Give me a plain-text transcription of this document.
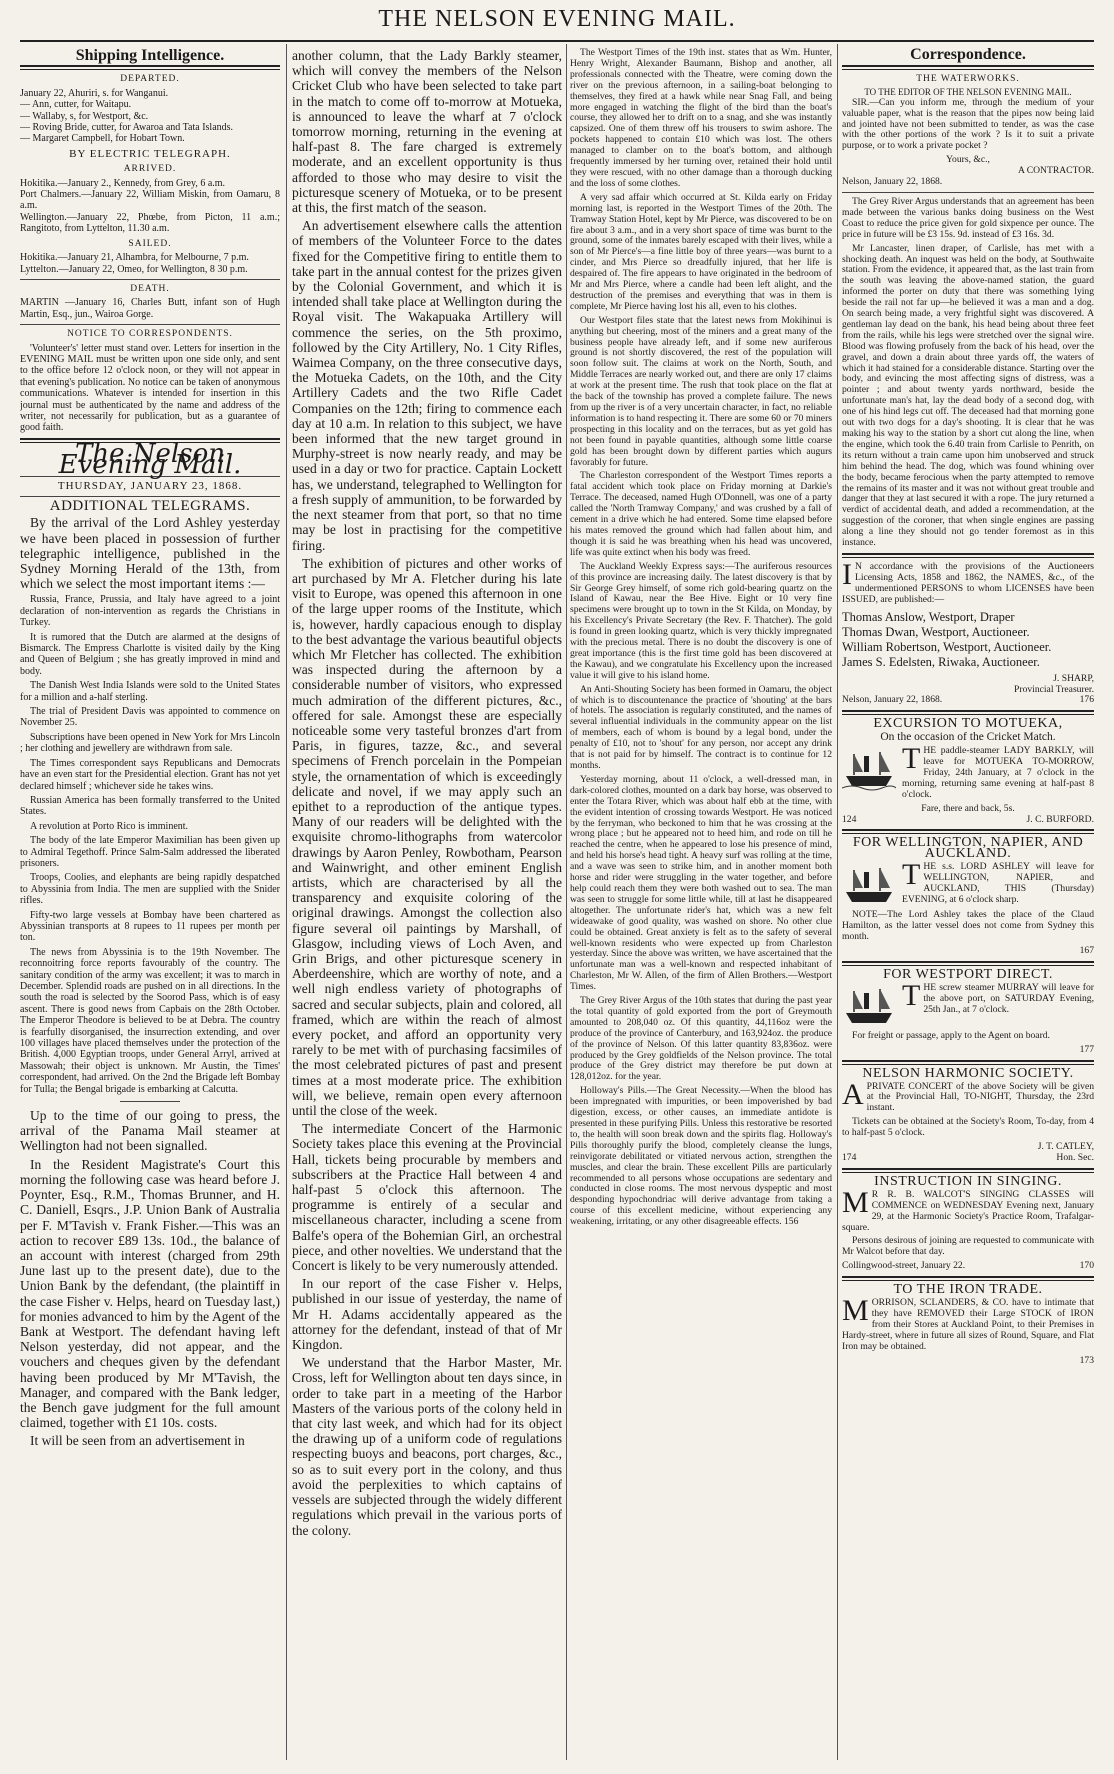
THE NELSON EVENING MAIL.
Shipping Intelligence.
DEPARTED.

January 22, Ahuriri, s. for Wanganui.

— Ann, cutter, for Waitapu.

— Wallaby, s, for Westport, &c.

— Roving Bride, cutter, for Awaroa and Tata Islands.

— Margaret Campbell, for Hobart Town.

BY ELECTRIC TELEGRAPH.
ARRIVED.

Hokitika.—January 2., Kennedy, from Grey, 6 a.m.

Port Chalmers.—January 22, William Miskin, from Oamaru, 8 a.m.

Wellington.—January 22, Phœbe, from Picton, 11 a.m.; Rangitoto, from Lyttelton, 11.30 a.m.

SAILED.

Hokitika.—January 21, Alhambra, for Melbourne, 7 p.m.

Lyttelton.—January 22, Omeo, for Wellington, 8 30 p.m.

DEATH.

MARTIN —January 16, Charles Butt, infant son of Hugh Martin, Esq., jun., Wairoa Gorge.

NOTICE TO CORRESPONDENTS.

'Volunteer's' letter must stand over. Letters for insertion in the EVENING MAIL must be written upon one side only, and sent to the office before 12 o'clock noon, or they will not appear in that evening's publication. No notice can be taken of anonymous communications. Whatever is intended for insertion in this journal must be authenticated by the name and address of the writer, not necessarily for publication, but as a guarantee of good faith.

The Nelson Evening Mail.
THURSDAY, JANUARY 23, 1868.
ADDITIONAL TELEGRAMS.

By the arrival of the Lord Ashley yesterday we have been placed in possession of further telegraphic intelligence, published in the Sydney Morning Herald of the 13th, from which we select the most important items :—

Russia, France, Prussia, and Italy have agreed to a joint declaration of non-intervention as regards the Christians in Turkey.

It is rumored that the Dutch are alarmed at the designs of Bismarck. The Empress Charlotte is visited daily by the King and Queen of Belgium ; she has greatly improved in mind and body.

The Danish West India Islands were sold to the United States for a million and a-half sterling.

The trial of President Davis was appointed to commence on November 25.

Subscriptions have been opened in New York for Mrs Lincoln ; her clothing and jewellery are withdrawn from sale.

The Times correspondent says Republicans and Democrats have an even start for the Presidential election. Grant has not yet declared himself ; whichever side he takes wins.

Russian America has been formally transferred to the United States.

A revolution at Porto Rico is imminent.

The body of the late Emperor Maximilian has been given up to Admiral Tegethoff. Prince Salm-Salm addressed the liberated prisoners.

Troops, Coolies, and elephants are being rapidly despatched to Abyssinia from India. The men are supplied with the Snider rifles.

Fifty-two large vessels at Bombay have been chartered as Abyssinian transports at 8 rupees to 11 rupees per month per ton.

The news from Abyssinia is to the 19th November. The reconnoitring force reports favourably of the country. The sanitary condition of the army was excellent; it was to march in December. Splendid roads are pushed on in all directions. In the south the road is selected by the Soorod Pass, which is of easy ascent. There is good news from Capbais on the 28th October. The Emperor Theodore is believed to be at Debra. The country is fearfully disorganised, the insurrection extending, and over 100 villages have placed themselves under the protection of the British. 4,000 Egyptian troops, under General Arryl, arrived at Massowah; their object is unknown. Mr Austin, the Times' correspondent, had arrived. On the 2nd the Brigade left Bombay for Tulla; the Bengal brigade is embarking at Calcutta.

Up to the time of our going to press, the arrival of the Panama Mail steamer at Wellington had not been signalled.

In the Resident Magistrate's Court this morning the following case was heard before J. Poynter, Esq., R.M., Thomas Brunner, and H. C. Daniell, Esqrs., J.P. Union Bank of Australia per F. M'Tavish v. Frank Fisher.—This was an action to recover £89 13s. 10d., the balance of an account with interest (charged from 29th June last up to the present date), due to the Union Bank by the defendant, (the plaintiff in the case Fisher v. Helps, heard on Tuesday last,) for monies advanced to him by the Agent of the Bank at Westport. The defendant having left Nelson yesterday, did not appear, and the vouchers and cheques given by the defendant having been produced by Mr M'Tavish, the Manager, and compared with the Bank ledger, the Bench gave judgment for the full amount claimed, together with £1 10s. costs.

It will be seen from an advertisement in

another column, that the Lady Barkly steamer, which will convey the members of the Nelson Cricket Club who have been selected to take part in the match to come off to-morrow at Motueka, is announced to leave the wharf at 7 o'clock tomorrow morning, returning in the evening at half-past 8. The fare charged is extremely moderate, and an excellent opportunity is thus afforded to those who may desire to visit the picturesque scenery of Motueka, or to be present at this, the first match of the season.

An advertisement elsewhere calls the attention of members of the Volunteer Force to the dates fixed for the Competitive firing to entitle them to take part in the annual contest for the prizes given by the Colonial Government, and which it is intended shall take place at Wellington during the Royal visit. The Wakapuaka Artillery will commence the series, on the 5th proximo, followed by the City Artillery, No. 1 City Rifles, Waimea Company, on the three consecutive days, the Motueka Cadets, on the 10th, and the City Artillery Cadets and the two Rifle Cadet Companies on the 12th; firing to commence each day at 10 a.m. In relation to this subject, we have been informed that the new target ground in Murphy-street is now nearly ready, and may be used in a day or two for practice. Captain Lockett has, we understand, telegraphed to Wellington for a fresh supply of ammunition, to be forwarded by the next steamer from that port, so that no time may be lost in practising for the competitive firing.

The exhibition of pictures and other works of art purchased by Mr A. Fletcher during his late visit to Europe, was opened this afternoon in one of the large upper rooms of the Institute, which is, however, hardly capacious enough to display to the best advantage the various beautiful objects which Mr Fletcher has collected. The exhibition was inspected during the afternoon by a considerable number of visitors, who expressed much admiration of the different pictures, &c., offered for sale. Amongst these are especially noticeable some very tasteful bronzes d'art from Paris, in figures, tazze, &c., and several specimens of French porcelain in the Pompeian style, the ornamentation of which is exceedingly delicate and novel, if we may apply such an epithet to a reproduction of the antique types. Many of our readers will be delighted with the exquisite chromo-lithographs from watercolor drawings by Aaron Penley, Rowbotham, Pearson and Wainwright, and other eminent English artists, which are characterised by all the transparency and exquisite coloring of the original drawings. Amongst the collection also figure several oil paintings by Marshall, of Glasgow, including views of Loch Aven, and Grin Brigs, and other picturesque scenery in Aberdeenshire, which are worthy of note, and a well nigh endless variety of photographs of sacred and secular subjects, plain and colored, all framed, which are within the reach of almost every pocket, and afford an opportunity very rarely to be met with of purchasing facsimiles of the most celebrated pictures of past and present times at a most moderate price. The exhibition will, we believe, remain open every afternoon until the close of the week.

The intermediate Concert of the Harmonic Society takes place this evening at the Provincial Hall, tickets being procurable by members and subscribers at the Practice Hall between 4 and half-past 5 o'clock this afternoon. The programme is entirely of a secular and miscellaneous character, including a scene from Balfe's opera of the Bohemian Girl, an orchestral piece, and other novelties. We understand that the Concert is likely to be very numerously attended.

In our report of the case Fisher v. Helps, published in our issue of yesterday, the name of Mr H. Adams accidentally appeared as the attorney for the defendant, instead of that of Mr Kingdon.

We understand that the Harbor Master, Mr. Cross, left for Wellington about ten days since, in order to take part in a meeting of the Harbor Masters of the various ports of the colony held in that city last week, and which had for its object the drawing up of a uniform code of regulations respecting buoys and beacons, port charges, &c., so as to suit every port in the colony, and thus avoid the perplexities to which captains of vessels are subjected through the widely different regulations which prevail in the various ports of the colony.

The Westport Times of the 19th inst. states that as Wm. Hunter, Henry Wright, Alexander Baumann, Bishop and another, all professionals connected with the Theatre, were coming down the river on the previous afternoon, in a sailing-boat belonging to themselves, they fired at a hawk while near Snag Fall, and being more engaged in watching the flight of the bird than the boat's course, they allowed her to drift on to a snag, and she was instantly capsized. One of them threw off his trousers to swim ashore. The pockets happened to contain £10 which was lost. The others managed to clamber on to the boat's bottom, and although frequently immersed by her turning over, retained their hold until they were rescued, with no other damage than a thorough ducking and the loss of some clothes.

A very sad affair which occurred at St. Kilda early on Friday morning last, is reported in the Westport Times of the 20th. The Tramway Station Hotel, kept by Mr Pierce, was discovered to be on fire about 3 a.m., and in a very short space of time was burnt to the ground, some of the inmates barely escaped with their lives, while a son of Mr Pierce's—a fine little boy of three years—was burnt to a cinder, and Mrs Pierce so dreadfully injured, that her life is despaired of. The fire appears to have originated in the bedroom of Mr and Mrs Pierce, where a candle had been left alight, and the destruction of the premises and everything that was in them is complete, Mr Pierce having lost his all, even to his clothes.

Our Westport files state that the latest news from Mokihinui is anything but cheering, most of the miners and a great many of the business people have already left, and if some new auriferous ground is not shortly discovered, the rest of the population will soon follow suit. The claims at work on the North, South, and Middle Terraces are nearly worked out, and there are only 17 claims at work at the present time. The rush that took place on the flat at the back of the township has proved a complete failure. The news from up the river is of a very uncertain character, in fact, no reliable information is to hand respecting it. There are some 60 or 70 miners prospecting in this locality and on the terraces, but as yet gold has not been found in payable quantities, although some little coarse gold has been brought down by different parties which augurs favorably for future.

The Charleston correspondent of the Westport Times reports a fatal accident which took place on Friday morning at Darkie's Terrace. The deceased, named Hugh O'Donnell, was one of a party called the 'North Tramway Company,' and was crushed by a fall of cement in a drive which he had entered. Some time elapsed before his mates removed the ground which had fallen about him, and though it is said he was breathing when his head was uncovered, life was quite extinct when his body was freed.

The Auckland Weekly Express says:—The auriferous resources of this province are increasing daily. The latest discovery is that by Sir George Grey himself, of some rich gold-bearing quartz on the Island of Kawau, near the Bee Hive. Eight or 10 very fine specimens were brought up to town in the St Kilda, on Monday, by his Excellency's Private Secretary (the Rev. F. Thatcher). The gold is found in green looking quartz, which is very thickly impregnated with the precious metal. There is no doubt the discovery is one of great importance (this is the first time gold has been discovered at the Kawau), and we congratulate his Excellency upon the increased value it will give to his island home.

An Anti-Shouting Society has been formed in Oamaru, the object of which is to discountenance the practice of 'shouting' at the bars of hotels. The association is regularly constituted, and the names of several influential individuals in the community appear on the list of members, each of whom is bound by a legal bond, under the penalty of £10, not to 'shout' for any person, nor accept any drink that is not paid for by himself. The contract is to continue for 12 months.

Yesterday morning, about 11 o'clock, a well-dressed man, in dark-colored clothes, mounted on a dark bay horse, was observed to enter the Totara River, which was about half ebb at the time, with the evident intention of crossing towards Westport. He was noticed by the ferryman, who beckoned to him that he was crossing at the wrong place ; but he appeared not to heed him, and rode on till he reached the centre, when he appeared to lose his presence of mind, and held his horse's head tight. A heavy surf was rolling at the time, and a wave was seen to strike him, and in another moment both horse and rider were struggling in the water together, and before help could reach them they were both washed out to sea. The man was seen to struggle for some little while, till at last he disappeared altogether. The unfortunate rider's hat, which was a new felt wideawake of good quality, was washed on shore. No other clue could be obtained. Great anxiety is felt as to the safety of several well-known residents who were expected up from Charleston yesterday. Since the above was written, we have ascertained that the unfortunate man was a well-known and respected inhabitant of Charleston, Mr W. Allen, of the firm of Allen Brothers.—Westport Times.

The Grey River Argus of the 10th states that during the past year the total quantity of gold exported from the port of Greymouth amounted to 208,040 oz. Of this quantity, 44,116oz were the produce of the province of Canterbury, and 163,924oz. the produce of the province of Nelson. Of this latter quantity 83,836oz. were produced by the Grey goldfields of the Nelson province. The total produce of the Grey district may therefore be put down at 128,012oz. for the year.

Holloway's Pills.—The Great Necessity.—When the blood has been impregnated with impurities, or been impoverished by bad digestion, excess, or other causes, an immediate antidote is presented in these purifying Pills. Unless this restorative be resorted to, the health will soon break down and the spirits flag. Holloway's Pills thoroughly purify the blood, completely cleanse the lungs, reinvigorate debilitated or vitiated nervous action, strengthen the muscles, and clear the brain. These excellent Pills are particularly recommended to all persons whose occupations are sedentary and conducted in close rooms. The most nervous dyspeptic and most desponding hypochondriac will derive advantage from taking a course of this excellent medicine, without experiencing any weakening, irritating, or any other disagreeable effects. 156

Correspondence.
THE WATERWORKS.
TO THE EDITOR OF THE NELSON EVENING MAIL.

SIR.—Can you inform me, through the medium of your valuable paper, what is the reason that the pipes now being laid and jointed have not been submitted to tender, as was the case with the other portions of the work ? Is it to suit a private purpose, or to work a private pocket ?

Yours, &c.,
A CONTRACTOR.
Nelson, January 22, 1868.

The Grey River Argus understands that an agreement has been made between the various banks doing business on the West Coast to reduce the price given for gold sixpence per ounce. The price in future will be £3 15s. 9d. instead of £3 16s. 3d.

Mr Lancaster, linen draper, of Carlisle, has met with a shocking death. An inquest was held on the body, at Southwaite station. From the evidence, it appeared that, as the last train from the south was leaving the above-named station, the guard informed the porter on duty that there was something lying beside the rail not far up—he believed it was a man and a dog. On search being made, a very frightful sight was discovered. A gentleman lay dead on the bank, his head being about three feet from the rails, while his legs were stretched over the signal wire. Blood was flowing profusely from the back of his head, over the gravel, and down a drain about three yards off, the waters of which it had stained for a considerable distance. Starting over the body, and evincing the most affecting signs of distress, was a pointer ; and about twenty yards northward, beside the unfortunate man's hat, lay the dead body of a second dog, with one of his hind legs cut off. The deceased had that morning gone out with two dogs for a day's shooting. It is clear that he was making his way to the station by a short cut along the line, when the engine, which took the 6.40 train from Carlisle to Penrith, on its return without a train came upon him unobserved and struck him behind the head. The dog, which was found whining over the body, became ferocious when the party attempted to remove the remains of its master and it was not without great trouble and danger that they at last secured it with a rope. The jury returned a verdict of accidental death, and added a recommendation, at the suggestion of the coroner, that when single engines are passing along a line they should not go tender foremost as in this instance.

I N accordance with the provisions of the Auctioneers Licensing Acts, 1858 and 1862, the NAMES, &c., of the undermentioned PERSONS to whom LICENSES have been ISSUED, are published:—

Thomas Anslow, Westport, Draper
Thomas Dwan, Westport, Auctioneer.
William Robertson, Westport, Auctioneer.
James S. Edelsten, Riwaka, Auctioneer.
J. SHARP,
Provincial Treasurer.
Nelson, January 22, 1868.	176
EXCURSION TO MOTUEKA,
On the occasion of the Cricket Match.
T HE paddle-steamer LADY BARKLY, will leave for MOTUEKA TO-MORROW, Friday, 24th January, at 7 o'clock in the morning, returning same evening at half-past 8 o'clock.

Fare, there and back, 5s.
124	J. C. BURFORD.
FOR WELLINGTON, NAPIER, AND AUCKLAND.
T HE s.s. LORD ASHLEY will leave for WELLINGTON, NAPIER, and AUCKLAND, THIS (Thursday) EVENING, at 6 o'clock sharp.

NOTE—The Lord Ashley takes the place of the Claud Hamilton, as the latter vessel does not come from Sydney this month.

167
FOR WESTPORT DIRECT.
T HE screw steamer MURRAY will leave for the above port, on SATURDAY Evening, 25th Jan., at 7 o'clock.

For freight or passage, apply to the Agent on board.

177
NELSON HARMONIC SOCIETY.
A PRIVATE CONCERT of the above Society will be given at the Provincial Hall, TO-NIGHT, Thursday, the 23rd instant.

Tickets can be obtained at the Society's Room, To-day, from 4 to half-past 5 o'clock.

J. T. CATLEY,
174	Hon. Sec.
INSTRUCTION IN SINGING.
M R R. B. WALCOT'S SINGING CLASSES will COMMENCE on WEDNESDAY Evening next, January 29, at the Harmonic Society's Practice Room, Trafalgar-square.

Persons desirous of joining are requested to communicate with Mr Walcot before that day.

Collingwood-street, January 22.	170
TO THE IRON TRADE.
M ORRISON, SCLANDERS, & CO. have to intimate that they have REMOVED their Large STOCK of IRON from their Stores at Auckland Point, to their Premises in Hardy-street, where in future all sizes of Round, Square, and Flat Iron may be obtained.

173
